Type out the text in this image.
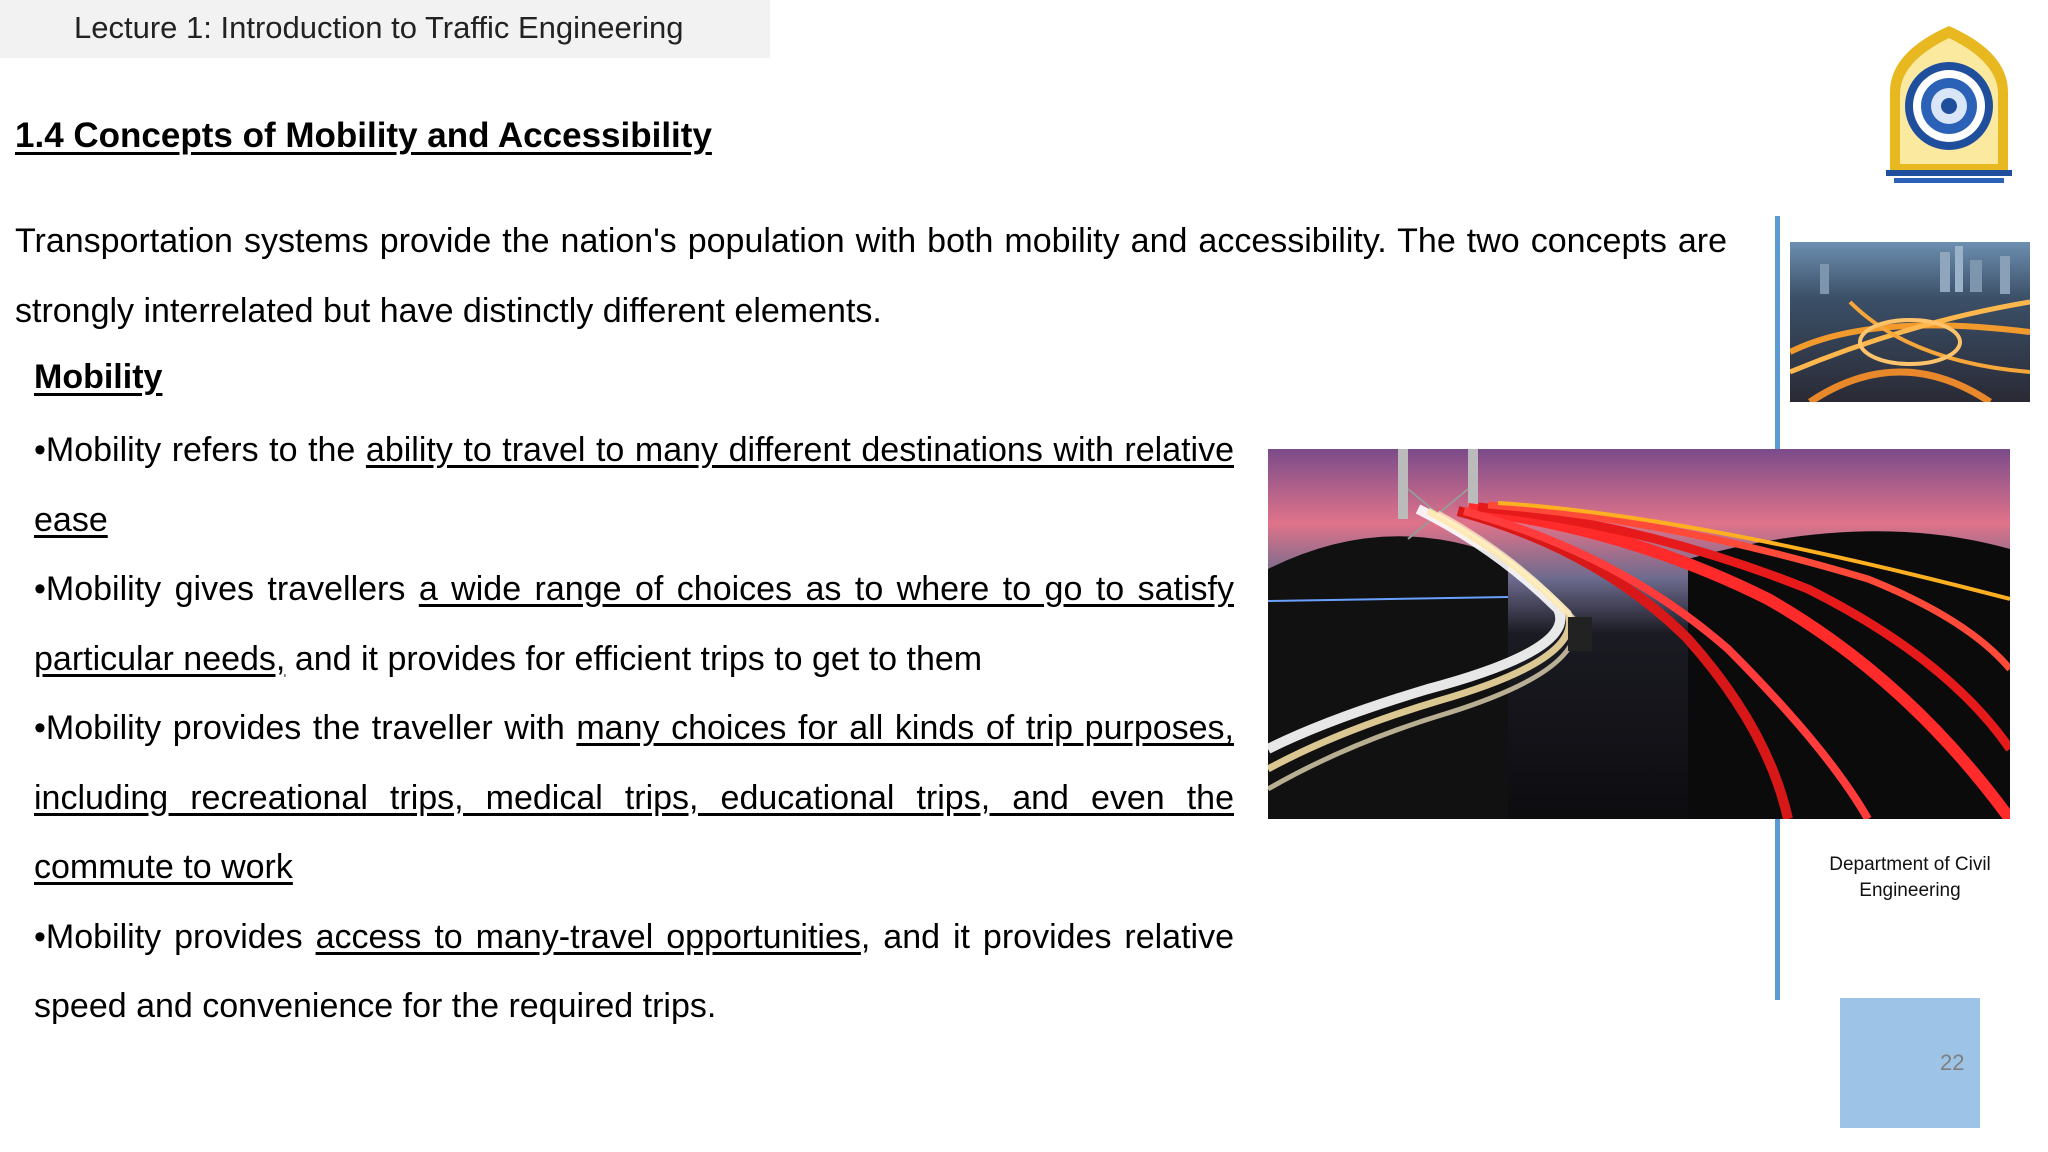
Lecture 1: Introduction to Traffic Engineering
1.4 Concepts of Mobility and Accessibility
Transportation systems provide the nation's population with both mobility and accessibility. The two concepts are strongly interrelated but have distinctly different elements.
Mobility

•Mobility refers to the ability to travel to many different destinations with relative ease

•Mobility gives travellers a wide range of choices as to where to go to satisfy particular needs, and it provides for efficient trips to get to them

•Mobility provides the traveller with many choices for all kinds of trip purposes, including recreational trips, medical trips, educational trips, and even the commute to work

•Mobility provides access to many-travel opportunities, and it provides relative speed and convenience for the required trips.

Department of Civil Engineering
22
